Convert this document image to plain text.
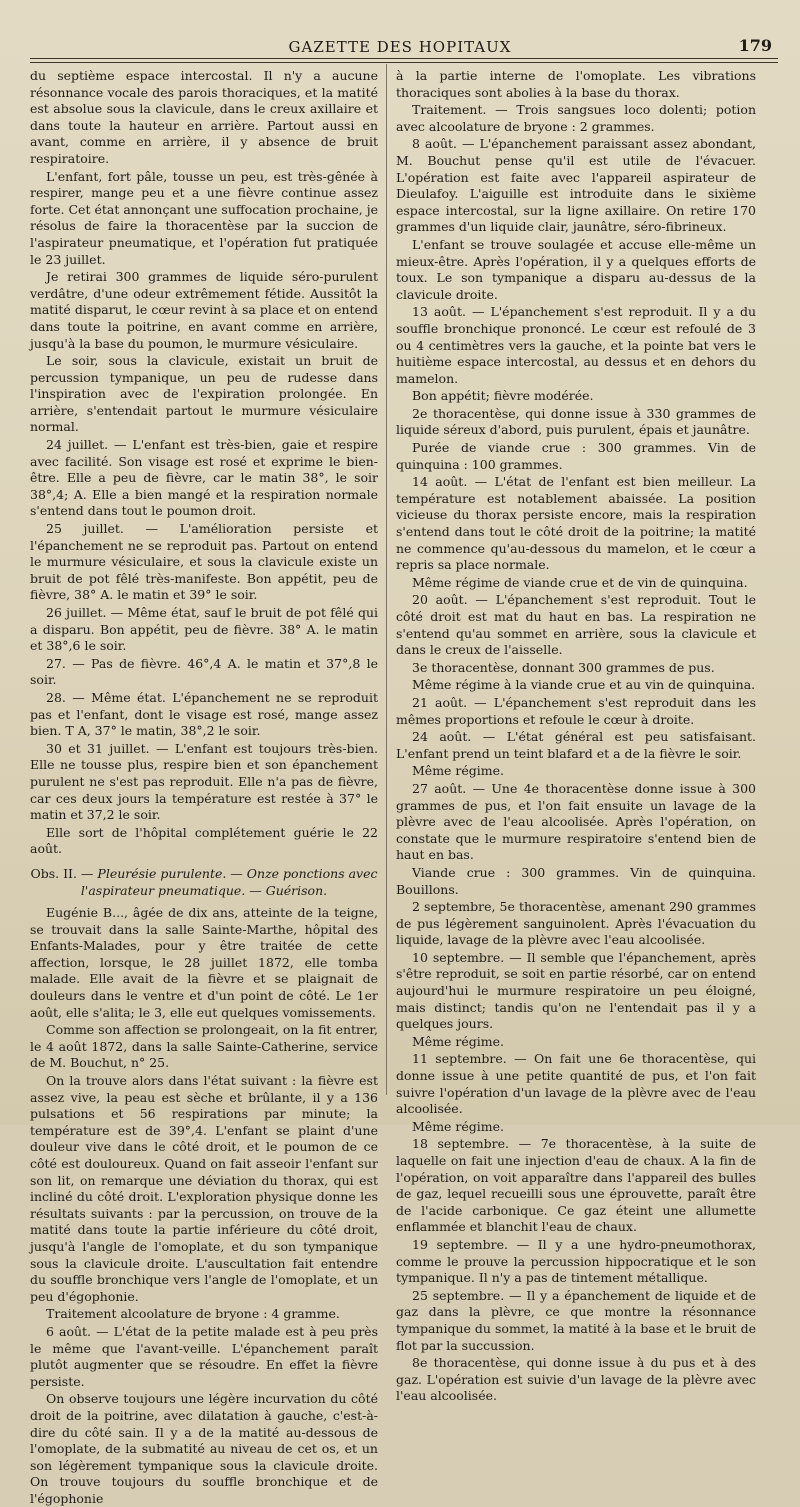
GAZETTE DES HOPITAUX	179

du septième espace intercostal. Il n'y a aucune résonnance vocale des parois thoraciques, et la matité est absolue sous la clavicule, dans le creux axillaire et dans toute la hauteur en arrière. Partout aussi en avant, comme en arrière, il y absence de bruit respiratoire.

L'enfant, fort pâle, tousse un peu, est très-gênée à respirer, mange peu et a une fièvre continue assez forte. Cet état annonçant une suffocation prochaine, je résolus de faire la thoracentèse par la succion de l'aspirateur pneumatique, et l'opération fut pratiquée le 23 juillet.

Je retirai 300 grammes de liquide séro-purulent verdâtre, d'une odeur extrêmement fétide. Aussitôt la matité disparut, le cœur revint à sa place et on entend dans toute la poitrine, en avant comme en arrière, jusqu'à la base du poumon, le murmure vésiculaire.

Le soir, sous la clavicule, existait un bruit de percussion tympanique, un peu de rudesse dans l'inspiration avec de l'expiration prolongée. En arrière, s'entendait partout le murmure vésiculaire normal.

24 juillet. — L'enfant est très-bien, gaie et respire avec facilité. Son visage est rosé et exprime le bien-être. Elle a peu de fièvre, car le matin 38°, le soir 38°,4; A. Elle a bien mangé et la respiration normale s'entend dans tout le poumon droit.

25 juillet. — L'amélioration persiste et l'épanchement ne se reproduit pas. Partout on entend le murmure vésiculaire, et sous la clavicule existe un bruit de pot fêlé très-manifeste. Bon appétit, peu de fièvre, 38° A. le matin et 39° le soir.

26 juillet. — Même état, sauf le bruit de pot fêlé qui a disparu. Bon appétit, peu de fièvre. 38° A. le matin et 38°,6 le soir.

27. — Pas de fièvre. 46°,4 A. le matin et 37°,8 le soir.

28. — Même état. L'épanchement ne se reproduit pas et l'enfant, dont le visage est rosé, mange assez bien. T A, 37° le matin, 38°,2 le soir.

30 et 31 juillet. — L'enfant est toujours très-bien. Elle ne tousse plus, respire bien et son épanchement purulent ne s'est pas reproduit. Elle n'a pas de fièvre, car ces deux jours la température est restée à 37° le matin et 37,2 le soir.

Elle sort de l'hôpital complétement guérie le 22 août.

Obs. II. — Pleurésie purulente. — Onze ponctions avec l'aspirateur pneumatique. — Guérison.

Eugénie B..., âgée de dix ans, atteinte de la teigne, se trouvait dans la salle Sainte-Marthe, hôpital des Enfants-Malades, pour y être traitée de cette affection, lorsque, le 28 juillet 1872, elle tomba malade. Elle avait de la fièvre et se plaignait de douleurs dans le ventre et d'un point de côté. Le 1er août, elle s'alita; le 3, elle eut quelques vomissements.

Comme son affection se prolongeait, on la fit entrer, le 4 août 1872, dans la salle Sainte-Catherine, service de M. Bouchut, n° 25.

On la trouve alors dans l'état suivant : la fièvre est assez vive, la peau est sèche et brûlante, il y a 136 pulsations et 56 respirations par minute; la température est de 39°,4. L'enfant se plaint d'une douleur vive dans le côté droit, et le poumon de ce côté est douloureux. Quand on fait asseoir l'enfant sur son lit, on remarque une déviation du thorax, qui est incliné du côté droit. L'exploration physique donne les résultats suivants : par la percussion, on trouve de la matité dans toute la partie inférieure du côté droit, jusqu'à l'angle de l'omoplate, et du son tympanique sous la clavicule droite. L'auscultation fait entendre du souffle bronchique vers l'angle de l'omoplate, et un peu d'égophonie.

Traitement alcoolature de bryone : 4 gramme.

6 août. — L'état de la petite malade est à peu près le même que l'avant-veille. L'épanchement paraît plutôt augmenter que se résoudre. En effet la fièvre persiste.

On observe toujours une légère incurvation du côté droit de la poitrine, avec dilatation à gauche, c'est-à-dire du côté sain. Il y a de la matité au-dessous de l'omoplate, de la submatité au niveau de cet os, et un son légèrement tympanique sous la clavicule droite. On trouve toujours du souffle bronchique et de l'égophonie

à la partie interne de l'omoplate. Les vibrations thoraciques sont abolies à la base du thorax.

Traitement. — Trois sangsues loco dolenti; potion avec alcoolature de bryone : 2 grammes.

8 août. — L'épanchement paraissant assez abondant, M. Bouchut pense qu'il est utile de l'évacuer. L'opération est faite avec l'appareil aspirateur de Dieulafoy. L'aiguille est introduite dans le sixième espace intercostal, sur la ligne axillaire. On retire 170 grammes d'un liquide clair, jaunâtre, séro-fibrineux.

L'enfant se trouve soulagée et accuse elle-même un mieux-être. Après l'opération, il y a quelques efforts de toux. Le son tympanique a disparu au-dessus de la clavicule droite.

13 août. — L'épanchement s'est reproduit. Il y a du souffle bronchique prononcé. Le cœur est refoulé de 3 ou 4 centimètres vers la gauche, et la pointe bat vers le huitième espace intercostal, au dessus et en dehors du mamelon.

Bon appétit; fièvre modérée.

2e thoracentèse, qui donne issue à 330 grammes de liquide séreux d'abord, puis purulent, épais et jaunâtre.

Purée de viande crue : 300 grammes. Vin de quinquina : 100 grammes.

14 août. — L'état de l'enfant est bien meilleur. La température est notablement abaissée. La position vicieuse du thorax persiste encore, mais la respiration s'entend dans tout le côté droit de la poitrine; la matité ne commence qu'au-dessous du mamelon, et le cœur a repris sa place normale.

Même régime de viande crue et de vin de quinquina.

20 août. — L'épanchement s'est reproduit. Tout le côté droit est mat du haut en bas. La respiration ne s'entend qu'au sommet en arrière, sous la clavicule et dans le creux de l'aisselle.

3e thoracentèse, donnant 300 grammes de pus.

Même régime à la viande crue et au vin de quinquina.

21 août. — L'épanchement s'est reproduit dans les mêmes proportions et refoule le cœur à droite.

24 août. — L'état général est peu satisfaisant. L'enfant prend un teint blafard et a de la fièvre le soir.

Même régime.

27 août. — Une 4e thoracentèse donne issue à 300 grammes de pus, et l'on fait ensuite un lavage de la plèvre avec de l'eau alcoolisée. Après l'opération, on constate que le murmure respiratoire s'entend bien de haut en bas.

Viande crue : 300 grammes. Vin de quinquina. Bouillons.

2 septembre, 5e thoracentèse, amenant 290 grammes de pus légèrement sanguinolent. Après l'évacuation du liquide, lavage de la plèvre avec l'eau alcoolisée.

10 septembre. — Il semble que l'épanchement, après s'être reproduit, se soit en partie résorbé, car on entend aujourd'hui le murmure respiratoire un peu éloigné, mais distinct; tandis qu'on ne l'entendait pas il y a quelques jours.

Même régime.

11 septembre. — On fait une 6e thoracentèse, qui donne issue à une petite quantité de pus, et l'on fait suivre l'opération d'un lavage de la plèvre avec de l'eau alcoolisée.

Même régime.

18 septembre. — 7e thoracentèse, à la suite de laquelle on fait une injection d'eau de chaux. A la fin de l'opération, on voit apparaître dans l'appareil des bulles de gaz, lequel recueilli sous une éprouvette, paraît être de l'acide carbonique. Ce gaz éteint une allumette enflammée et blanchit l'eau de chaux.

19 septembre. — Il y a une hydro-pneumothorax, comme le prouve la percussion hippocratique et le son tympanique. Il n'y a pas de tintement métallique.

25 septembre. — Il y a épanchement de liquide et de gaz dans la plèvre, ce que montre la résonnance tympanique du sommet, la matité à la base et le bruit de flot par la succussion.

8e thoracentèse, qui donne issue à du pus et à des gaz. L'opération est suivie d'un lavage de la plèvre avec l'eau alcoolisée.
